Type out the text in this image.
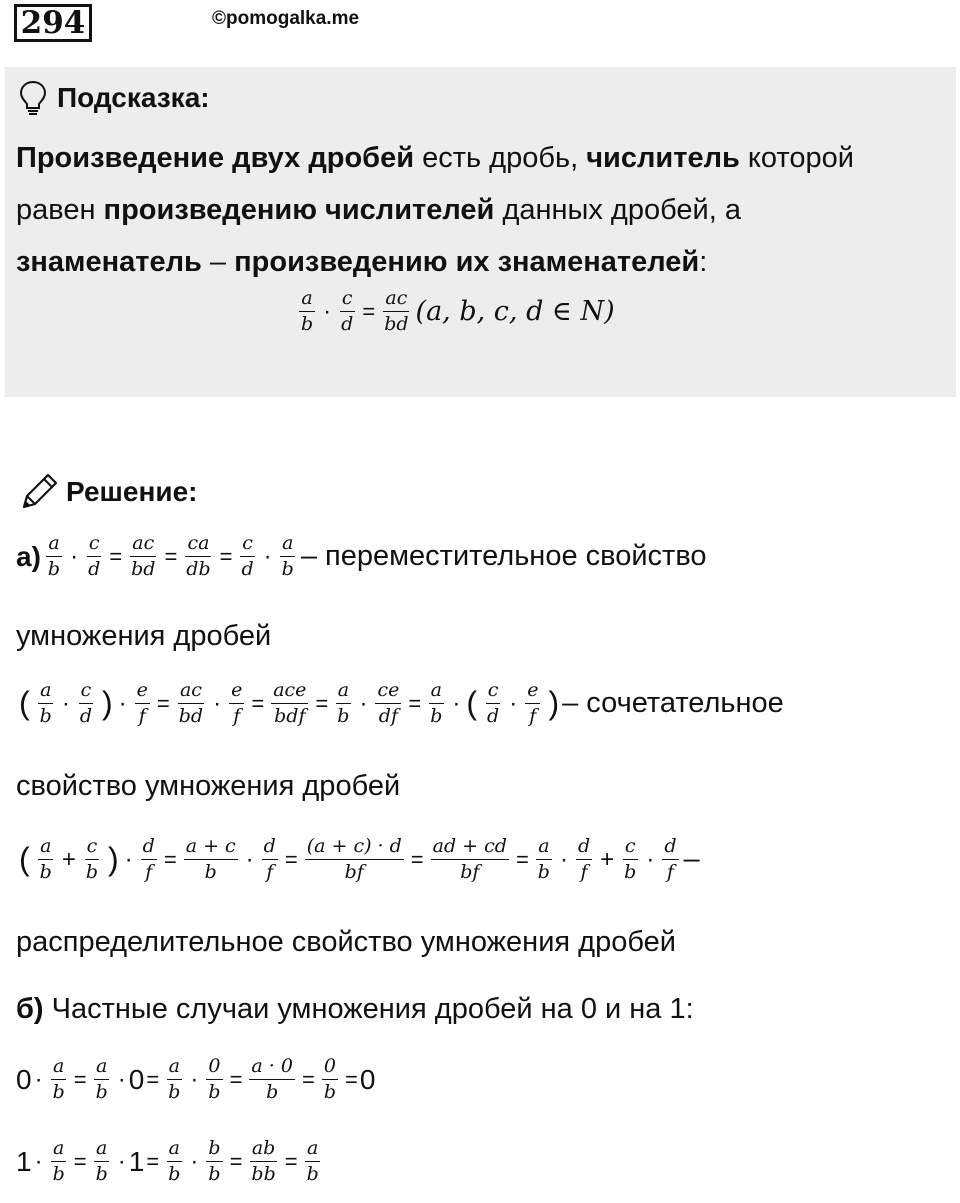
294	©pomogalka.me
Подсказка:
Произведение двух дробей есть дробь, числитель которой
равен произведению числителей данных дробей, а
знаменатель – произведению их знаменателей:
$\frac{a}{b} \cdot \frac{c}{d} = \frac{ac}{bd} (a$, b, c, d ∈ N)
Решение:
$а) \frac{a}{b} \cdot \frac{c}{d} = \frac{ac}{bd} = \frac{ca}{db} = \frac{c}{d} \cdot \frac{a}{b}$ – переместительное свойство
умножения дробей
( $\frac{a}{b} \cdot \frac{c}{d}$ ) · $\frac{e}{f} = \frac{ac}{bd} \cdot \frac{e}{f} = \frac{\text{ace}}{\text{bdf}} = \frac{a}{b} \cdot \frac{ce}{df} = \frac{a}{b}$ · ( $\frac{c}{d} \cdot \frac{e}{f}$ ) – сочетательное
свойство умножения дробей
( $\frac{a}{b} + \frac{c}{b}$ ) · $\frac{d}{f} = \frac{a + c}{b} \cdot \frac{d}{f} = \frac{(a + c) \cdot d}{bf} = \frac{ad + cd}{bf} = \frac{a}{b} \cdot \frac{d}{f} + \frac{c}{b} \cdot \frac{d}{f}$ –
распределительное свойство умножения дробей
б) Частные случаи умножения дробей на 0 и на 1:
$0 \cdot \frac{a}{b} = \frac{a}{b} \cdot 0 = \frac{a}{b} \cdot \frac{0}{b} = \frac{a \cdot 0}{b} = \frac{0}{b} = 0$
$1 \cdot \frac{a}{b} = \frac{a}{b} \cdot 1 = \frac{a}{b} \cdot \frac{b}{b} = \frac{ab}{bb} = \frac{a}{b}$
